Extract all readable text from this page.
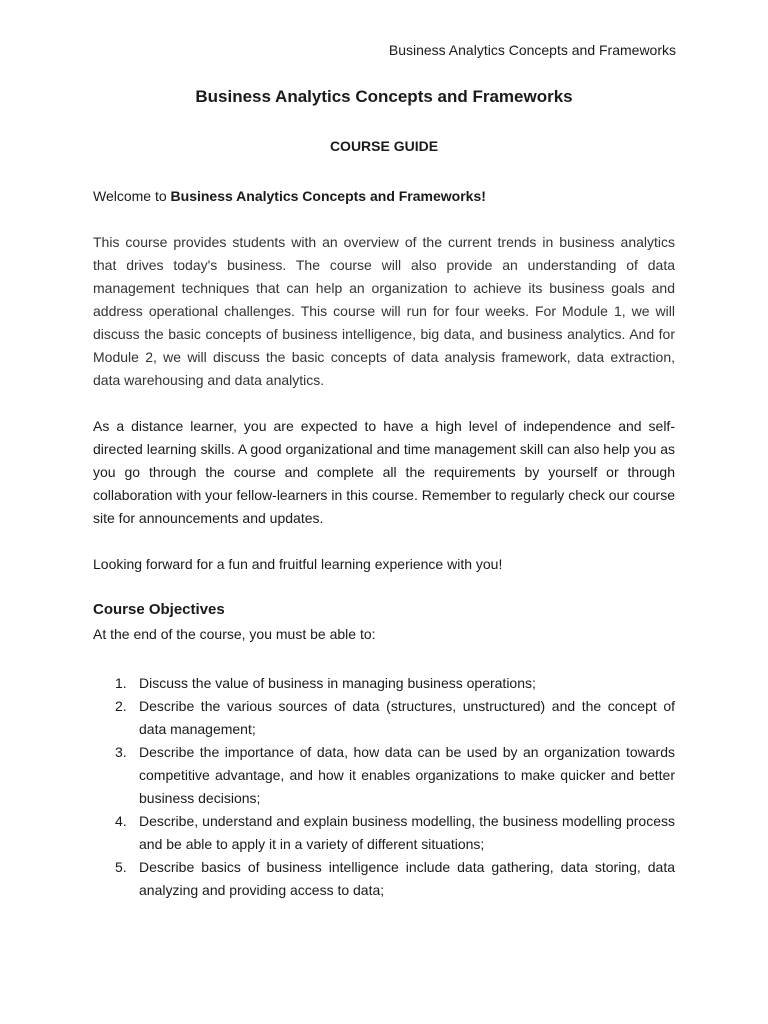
Business Analytics Concepts and Frameworks
Business Analytics Concepts and Frameworks
COURSE GUIDE
Welcome to Business Analytics Concepts and Frameworks!
This course provides students with an overview of the current trends in business analytics that drives today's business. The course will also provide an understanding of data management techniques that can help an organization to achieve its business goals and address operational challenges. This course will run for four weeks. For Module 1, we will discuss the basic concepts of business intelligence, big data, and business analytics. And for Module 2, we will discuss the basic concepts of data analysis framework, data extraction, data warehousing and data analytics.
As a distance learner, you are expected to have a high level of independence and self-directed learning skills. A good organizational and time management skill can also help you as you go through the course and complete all the requirements by yourself or through collaboration with your fellow-learners in this course. Remember to regularly check our course site for announcements and updates.
Looking forward for a fun and fruitful learning experience with you!
Course Objectives
At the end of the course, you must be able to:
1. Discuss the value of business in managing business operations;
2. Describe the various sources of data (structures, unstructured) and the concept of data management;
3. Describe the importance of data, how data can be used by an organization towards competitive advantage, and how it enables organizations to make quicker and better business decisions;
4. Describe, understand and explain business modelling, the business modelling process and be able to apply it in a variety of different situations;
5. Describe basics of business intelligence include data gathering, data storing, data analyzing and providing access to data;
